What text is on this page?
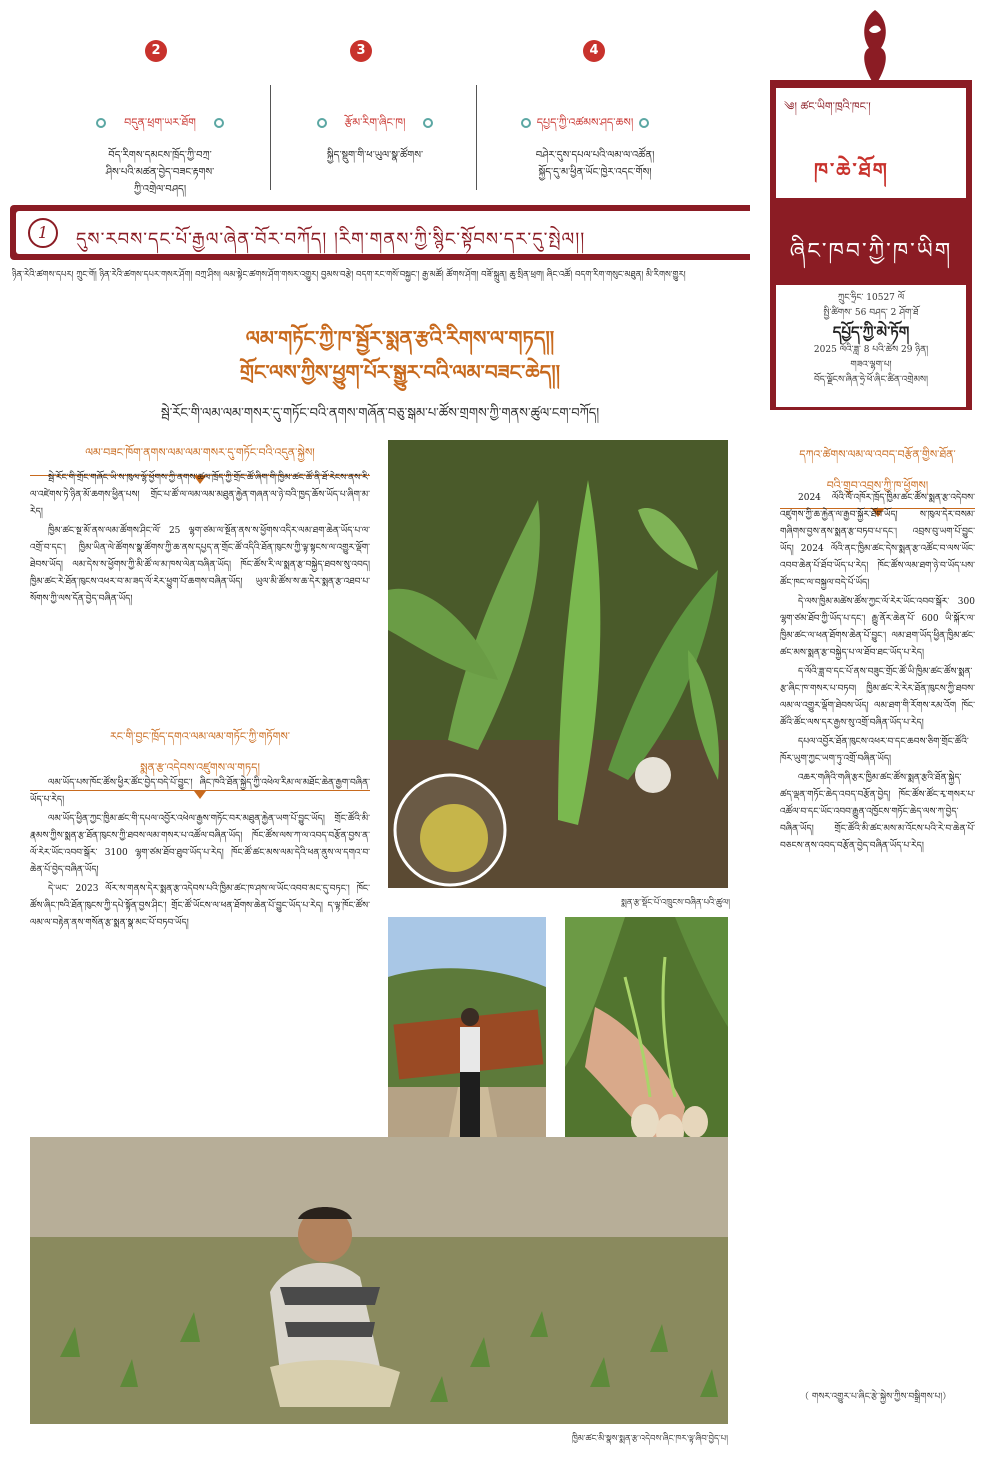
2	3	4
བདུན་ཕྲག་ཡར་ཐོག
བོད་རིགས་དམངས་ཁྲོད་ཀྱི་བཀྲ་
ཤིས་པའི་མཚན་བྱེད་བཟང་རྟགས་
ཀྱི་འགྲེལ་བཤད།
རྩོམ་རིག་ཞིང་ཁ།
སྐྱིད་སྡུག་གི་ཕ་ཡུལ་སྣ་ཚོགས་
དཔྱད་ཀྱི་འཚམས་ཤད་ཆས།
བཤེར་དུས་དཔལ་པའི་ལམ་ལ་འཚོན།
སྐྱོད་དུ་མ་ཕྱིན་ཡོང་ཁྱེར་འདང་གོས།
1	དུས་རབས་དང་པོ་རྒྱལ་ཞེན་བོར་བཀོད། །རིག་གནས་ཀྱི་སྙིང་སྟོབས་དར་དུ་སྤེལ།།
༄། ཚང་ཡིག་ཁྲའི་ཁང་།
ཁ་ཆེ་ཐོག
ཞིང་ཁབ་ཀྱི་ཁ་ཡིག
ཀྲུང་ཧྲིང་ 10527 ལོ
སྤྱི་ཚིགས་ 56 བཤད་ 2 ཤོག་ཐོ
དཔྱོད་ཀྱི་མེ་ཏོག
2025 ལོའི་ཟླ་ 8 པའི་ཚེས 29 ཉིན།
གཟའ་ལྷག་པ།
བོད་ལྗོངས་ཞིན་ཧྲེ་ཕོ་ཞིང་ཚིན་འགྲེམས།
ཉིན་རེའི་ཚགས་དཔར། ཀྲུང་གོ། ཉིན་རེའི་ཚགས་དཔར་གསར་ཤོག། བཀྲ་ཤིས། ལམ་སྟེང་ཚགས་ཤོག་གསར་འགྱུར། བྱམས་བརྩེ། བདག་རང་གསོ་བསྐྱང་། རྒྱ་མཚོ། ཚོགས་ཤོག། བཟོ་སྐྲུན། ཆུ་སྲིན་ཕྲག། ཞིང་འཚོ། བདག་རིག་གསུང་མཐུན། མི་རིགས་གྱུར།
ལམ་གཏོང་ཀྱི་ཁ་སྦྱོར་སྨན་རྩའི་རིགས་ལ་གཏད།།
གྲོང་ལས་ཀྱིས་ཕྱུག་པོར་སྒྱུར་བའི་ལམ་བཟང་ཆེད།།
སྦེ་རོང་གི་ལམ་ལམ་གསར་དུ་གཏོང་བའི་ནགས་གཞོན་བཅུ་སྒམ་པ་ཚོས་གྲགས་ཀྱི་གནས་ཚུལ་ངག་བཀོད།
ལམ་བཟང་ཁོག་ནགས་ལམ་ལམ་གསར་དུ་གཏོང་བའི་འདུན་སྐྱེས།

སྦེ་རོང་གི་གྲོང་གཞོང་ཡི་ས་ཁུལ་ལྷོ་ཕྱོགས་ཀྱི་ནགས་ཚལ་ཁྲོད་ཀྱི་གྲོང་ཚོ་ཞིག་གི་ཁྱིམ་ཚང་ཚོ་ནི་ཐོ་རེངས་ནས་རི་ལ་འཛེགས་ཏེ་ཉིན་མོ་ཆགས་ཕྱིན་པས། གྲོང་པ་ཚོ་ལ་ལམ་ལམ་མཐུན་རྐྱེན་གཞན་ལ་ཉེ་བའི་ཁྱད་ཆོས་ཡོད་པ་ཞིག་མ་རེད།

ཁྱིམ་ཚང་སྔ་མོ་ནས་ལམ་ཚོགས་ཤིང་ལོ་ 25 ལྷག་ཙམ་ལ་སྔོན་ནས་ས་ཕྱོགས་འདིར་ལམ་ཐག་ཆེན་ཡོད་པ་ལ་འགྲོ་བ་དང་། ཁྱིམ་ཡིན་ལེ་ཚོགས་སྣ་ཚོགས་ཀྱི་ཆ་ནས་དཔྱད་ན་གྲོང་ཚོ་འདིའི་ཐོན་ཁུངས་ཀྱི་ལྟ་སྟངས་ལ་འགྱུར་ལྡོག་ཐེབས་ཡོད། ལམ་དེས་ས་ཕྱོགས་ཀྱི་མི་ཚོ་ལ་མ་ཁས་ལེན་བཞིན་ཡོད། ཁོང་ཚོས་རི་ལ་སྨན་རྩ་བསྐྱེད་ཐབས་སུ་འབད། ཁྱིམ་ཚང་རེ་ཐོན་ཁུངས་འཕར་བ་མ་ཟད་ལོ་རེར་ཕྱུག་པོ་ཆགས་བཞིན་ཡོད། ཡུལ་མི་ཚོས་ས་ཆ་དེར་སྨན་རྩ་འཐབ་པ་སོགས་ཀྱི་ལས་དོན་བྱེད་བཞིན་ཡོད།

རང་གི་བྱང་ཁྲོད་དགའ་ལམ་ལམ་གཏོང་ཀྱི་གཏོགས་
སྨན་རྩ་འདེབས་འཛུགས་ལ་གཏད།

ལམ་ཡོད་པས་ཁོང་ཚོས་ཕྱིར་ཚོང་བྱེད་བདེ་པོ་བྱུང་། ཞིང་ཁའི་ཐོན་སྐྱེད་ཀྱི་འཕེལ་རིམ་ལ་མཐོང་ཆེན་རྒྱག་བཞིན་ཡོད་པ་རེད།

ལམ་ཡོད་ཕྱིན་ཀྱང་ཁྱིམ་ཚང་གི་དཔལ་འབྱོར་འཕེལ་རྒྱས་གཏོང་བར་མཐུན་རྐྱེན་ཡག་པོ་བྱུང་ཡོད། གྲོང་ཚོའི་མི་རྣམས་ཀྱིས་སྨན་རྩ་ཐོན་ཁུངས་ཀྱི་ཐབས་ལམ་གསར་པ་འཚོལ་བཞིན་ཡོད། ཁོང་ཚོས་ལས་ཀ་ལ་འབད་བརྩོན་བྱས་ན་ལོ་རེར་ཡོང་འབབ་སྒོར་ 3100 ལྷག་ཙམ་ཐོབ་ཐུབ་ཡོད་པ་རེད། ཁོང་ཚོ་ཚང་མས་ལམ་དེའི་ཕན་ནུས་ལ་དགའ་བ་ཆེན་པོ་བྱེད་བཞིན་ཡོད།

དེ་ཡང་ 2023 ལོར་ས་གནས་དེར་སྨན་རྩ་འདེབས་པའི་ཁྱིམ་ཚང་ཁ་ཤས་ལ་ཡོང་འབབ་མང་དུ་བཏང་། ཁོང་ཚོས་ཞིང་ཁའི་ཐོན་ཁུངས་ཀྱི་དཔེ་སྟོན་བྱས་ཤིང་། གྲོང་ཚོ་ཡོངས་ལ་ཕན་ཐོགས་ཆེན་པོ་བྱུང་ཡོད་པ་རེད། ད་ལྟ་ཁོང་ཚོས་ལམ་ལ་བརྟེན་ནས་གསོན་རྩ་སྨན་སྣ་མང་པོ་བཏབ་ཡོད།

སྨན་རྩ་སྡོང་པོ་འཁྲུངས་བཞིན་པའི་ཚུལ།
ཁྱིམ་ཚང་མི་སྣས་སྨན་རྩ་འདེབས་ཞིང་ཁར་ལྟ་ཞིབ་བྱེད་པ།
དཀའ་ཚེགས་ལམ་ལ་འབད་བརྩོན་གྱིས་ཐོན་
བའི་གྲུབ་འབྲས་ཀྱི་ཁ་ཕྱོགས།

2024 ལོའི་ལོ་འཁོར་ཁྲོད་ཁྱིམ་ཚང་ཚོས་སྨན་རྩ་འདེབས་འཛུགས་ཀྱི་ཆ་རྐྱེན་ལ་རྒྱབ་སྐྱོར་ཐོབ་ཡོད། ས་ཁུལ་དེར་བསམ་གཞིགས་བྱས་ནས་སྨན་རྩ་བཏབ་པ་དང་། འབྲས་བུ་ཡག་པོ་བྱུང་ཡོད། 2024 ལོའི་ནང་ཁྱིམ་ཚང་དེས་སྨན་རྩ་འཚོང་བ་ལས་ཡོང་འབབ་ཆེན་པོ་ཐོབ་ཡོད་པ་རེད། ཁོང་ཚོས་ལམ་ཐག་ཉེ་བ་ཡོད་པས་ཚོང་ཁང་ལ་བསྐྱལ་བདེ་པོ་ཡོད།

དེ་ལས་ཁྱིམ་མཚེས་ཚོས་ཀྱང་ལོ་རེར་ཡོང་འབབ་སྒོར་ 300 ལྷག་ཙམ་ཐོབ་ཀྱི་ཡོད་པ་དང་། རྒྱུ་ནོར་ཆེན་པོ་ 600 ཡི་སྐོར་ལ་ཁྱིམ་ཚང་ལ་ཕན་ཐོགས་ཆེན་པོ་བྱུང་། ལམ་ཐག་ཡོད་ཕྱིན་ཁྱིམ་ཚང་ཚང་མས་སྨན་རྩ་བསྐྱེད་པ་ལ་ཐོབ་ཐང་ཡོད་པ་རེད།

ད་ལོའི་ཟླ་བ་དང་པོ་ནས་བཟུང་གྲོང་ཚོ་ཡི་ཁྱིམ་ཚང་ཚོས་སྨན་རྩ་ཞིང་ཁ་གསར་པ་བཏབ། ཁྱིམ་ཚང་རེ་རེར་ཐོན་ཁུངས་ཀྱི་ཐབས་ལམ་ལ་འགྱུར་ལྡོག་ཐེབས་ཡོད། ལམ་ཐག་གི་རོགས་རམ་འོག ཁོང་ཚོའི་ཚོང་ལས་དར་རྒྱས་སུ་འགྲོ་བཞིན་ཡོད་པ་རེད།

དཔལ་འབྱོར་ཐོན་ཁུངས་འཕར་བ་དང་ཆབས་ཅིག་གྲོང་ཚོའི་ཁོར་ཡུག་ཀྱང་ཡག་ཏུ་འགྲོ་བཞིན་ཡོད།

འཆར་གཞིའི་གཞི་རྩར་ཁྱིམ་ཚང་ཚོས་སྨན་རྩའི་ཐོན་སྐྱེད་ཚད་ལྡན་གཏོང་ཆེད་འབད་བརྩོན་བྱེད། ཁོང་ཚོས་ཚོང་རྭ་གསར་པ་འཚོལ་བ་དང་ཡོང་འབབ་རྒྱུན་འཁྱོངས་གཏོང་ཆེད་ལས་ཀ་བྱེད་བཞིན་ཡོད། གྲོང་ཚོའི་མི་ཚང་མས་མ་འོངས་པའི་རེ་བ་ཆེན་པོ་བཅངས་ནས་འབད་བརྩོན་བྱེད་བཞིན་ཡོད་པ་རེད།

（ གསར་འགྱུར་པ་ཞིང་རྩེ་སྐྱེས་ཀྱིས་བསྒྲིགས་པ།）
